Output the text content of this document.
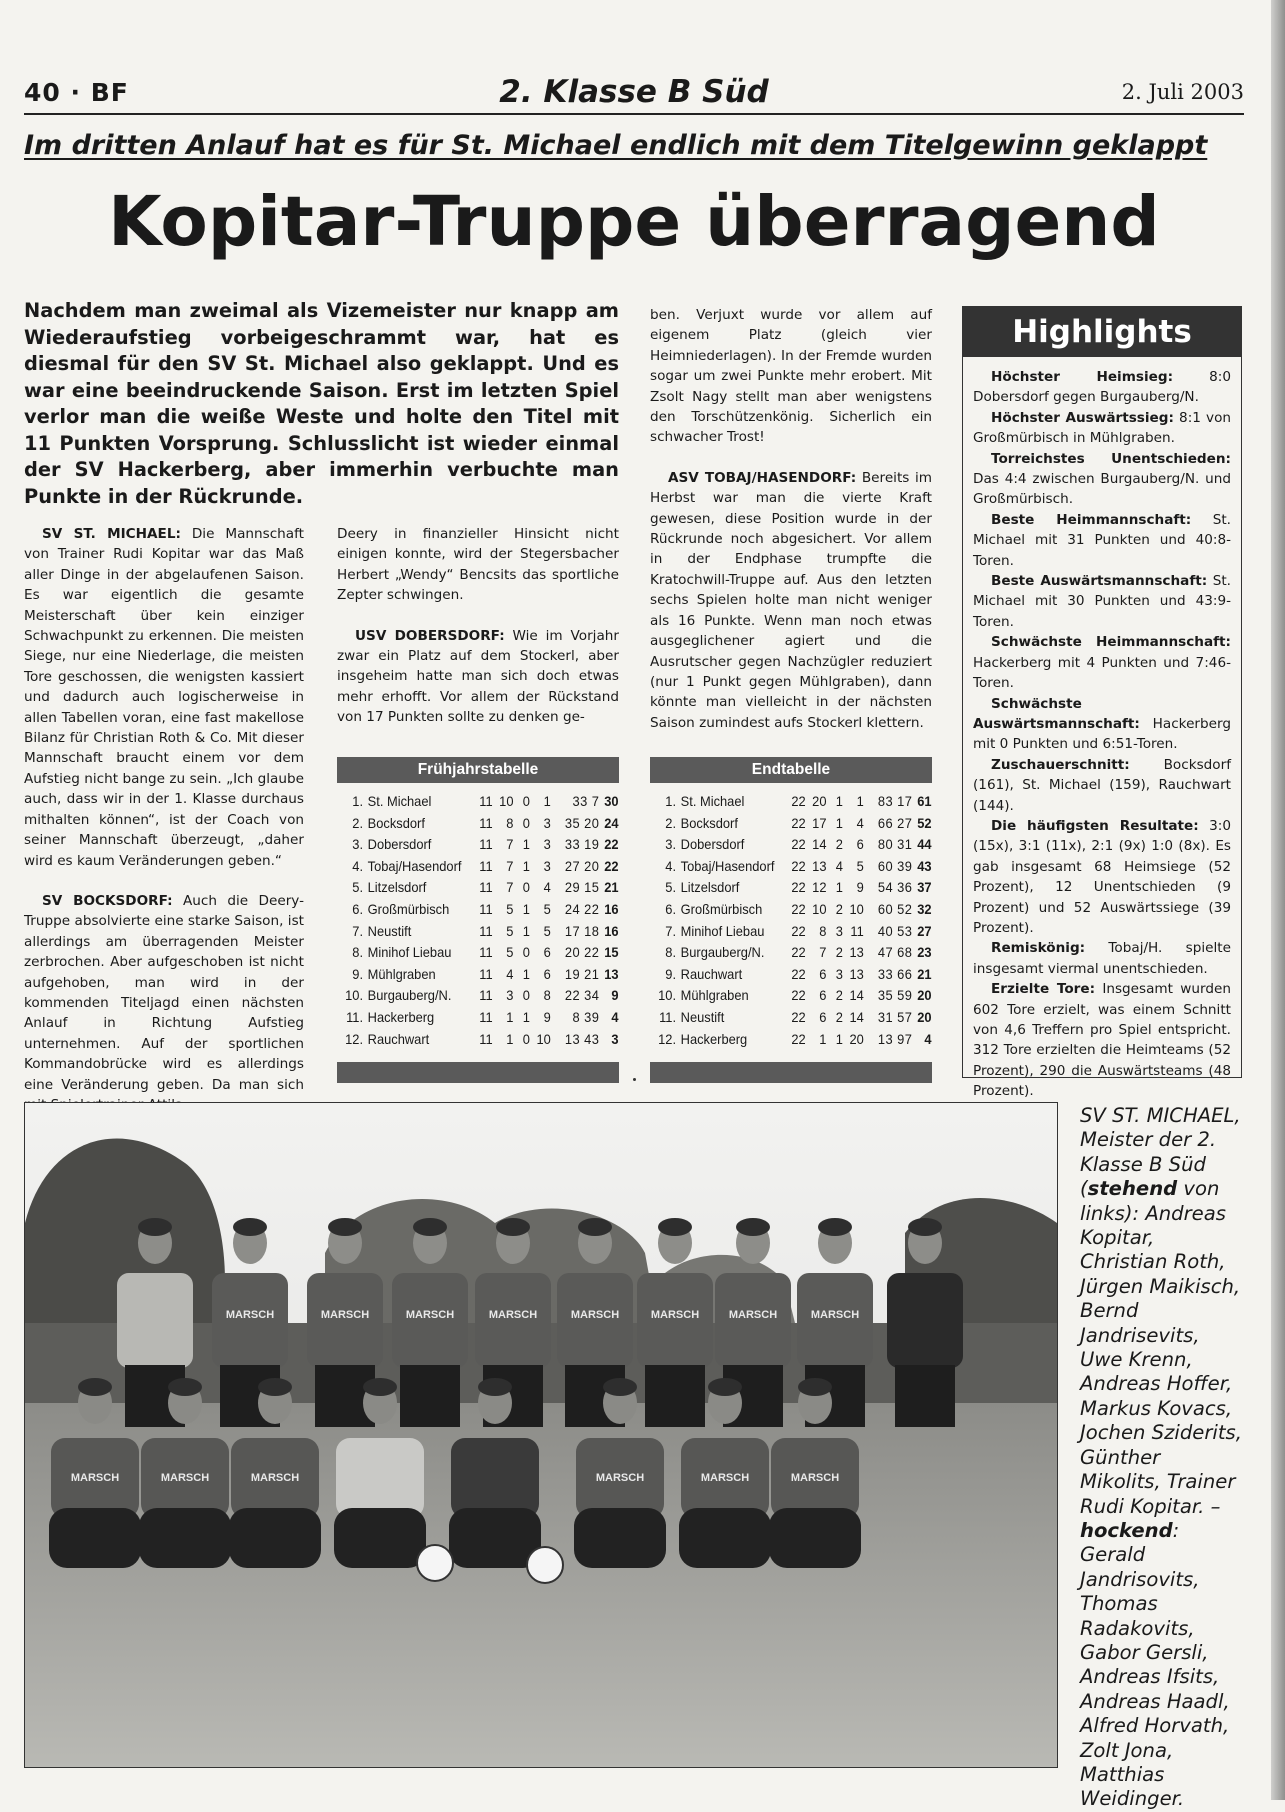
40 · BF	2. Klasse B Süd	2. Juli 2003
Im dritten Anlauf hat es für St. Michael endlich mit dem Titelgewinn geklappt
Kopitar-Truppe überragend
Nachdem man zweimal als Vizemeister nur knapp am Wiederaufstieg vorbeigeschrammt war, hat es diesmal für den SV St. Michael also geklappt. Und es war eine beeindruckende Saison. Erst im letzten Spiel verlor man die weiße Weste und holte den Titel mit 11 Punkten Vorsprung. Schlusslicht ist wieder einmal der SV Hackerberg, aber immerhin verbuchte man Punkte in der Rückrunde.

SV ST. MICHAEL: Die Mannschaft von Trainer Rudi Kopitar war das Maß aller Dinge in der abgelaufenen Saison. Es war eigentlich die gesamte Meisterschaft über kein einziger Schwachpunkt zu erkennen. Die meisten Siege, nur eine Niederlage, die meisten Tore geschossen, die wenigsten kassiert und dadurch auch logischerweise in allen Tabellen voran, eine fast makellose Bilanz für Christian Roth & Co. Mit dieser Mannschaft braucht einem vor dem Aufstieg nicht bange zu sein. „Ich glaube auch, dass wir in der 1. Klasse durchaus mithalten können“, ist der Coach von seiner Mannschaft überzeugt, „daher wird es kaum Veränderungen geben.“

SV BOCKSDORF: Auch die Deery-Truppe absolvierte eine starke Saison, ist allerdings am überragenden Meister zerbrochen. Aber aufgeschoben ist nicht aufgehoben, man wird in der kommenden Titeljagd einen nächsten Anlauf in Richtung Aufstieg unternehmen. Auf der sportlichen Kommandobrücke wird es allerdings eine Veränderung geben. Da man sich

Deery in finanzieller Hinsicht nicht einigen konnte, wird der Stegersbacher Herbert „Wendy“ Bencsits das sportliche Zepter schwingen.

USV DOBERSDORF: Wie im Vorjahr zwar ein Platz auf dem Stockerl, aber insgeheim hatte man sich doch etwas mehr erhofft. Vor allem der Rückstand von 17 Punkten sollte zu denken ge-

ben. Verjuxt wurde vor allem auf eigenem Platz (gleich vier Heimniederlagen). In der Fremde wurden sogar um zwei Punkte mehr erobert. Mit Zsolt Nagy stellt man aber wenigstens den Torschützenkönig. Sicherlich ein schwacher Trost!

ASV TOBAJ/HASENDORF: Bereits im Herbst war man die vierte Kraft gewesen, diese Position wurde in der Rückrunde noch abgesichert. Vor allem in der Endphase trumpfte die Kratochwill-Truppe auf. Aus den letzten sechs Spielen holte man nicht weniger als 16 Punkte. Wenn man noch etwas ausgeglichener agiert und die Ausrutscher gegen Nachzügler reduziert (nur 1 Punkt gegen Mühlgraben), dann könnte man vielleicht in der nächsten Saison zumindest aufs Stockerl klettern.

Highlights

Höchster Heimsieg: 8:0 Dobersdorf gegen Burgauberg/N.

Höchster Auswärtssieg: 8:1 von Großmürbisch in Mühlgraben.

Torreichstes Unentschieden: Das 4:4 zwischen Burgauberg/N. und Großmürbisch.

Beste Heimmannschaft: St. Michael mit 31 Punkten und 40:8-Toren.

Beste Auswärtsmannschaft: St. Michael mit 30 Punkten und 43:9-Toren.

Schwächste Heimmannschaft: Hackerberg mit 4 Punkten und 7:46-Toren.

Schwächste Auswärtsmannschaft: Hackerberg mit 0 Punkten und 6:51-Toren.

Zuschauerschnitt: Bocksdorf (161), St. Michael (159), Rauchwart (144).

Die häufigsten Resultate: 3:0 (15x), 3:1 (11x), 2:1 (9x) 1:0 (8x). Es gab insgesamt 68 Heimsiege (52 Prozent), 12 Unentschieden (9 Prozent) und 52 Auswärtssiege (39 Prozent).

Remiskönig: Tobaj/H. spielte insgesamt viermal unentschieden.

Erzielte Tore: Insgesamt wurden 602 Tore erzielt, was einem Schnitt von 4,6 Treffern pro Spiel entspricht. 312 Tore erzielten die Heimteams (52 Prozent), 290 die Auswärtsteams (48 Prozent).

Frühjahrstabelle
1. St. Michael	11 10 0 1	33 7 30
2. Bocksdorf	11 8 0 3	35 20 24
3. Dobersdorf	11 7 1 3	33 19 22
4. Tobaj/Hasendorf	11 7 1 3	27 20 22
5. Litzelsdorf	11 7 0 4	29 15 21
6. Großmürbisch	11 5 1 5	24 22 16
7. Neustift	11 5 1 5	17 18 16
8. Minihof Liebau	11 5 0 6	20 22 15
9. Mühlgraben	11 4 1 6	19 21 13
10. Burgauberg/N.	11 3 0 8	22 34 9
11. Hackerberg	11 1 1 9	8 39 4
12. Rauchwart	11 1 0 10	13 43 3
Endtabelle
1. St. Michael	22 20 1 1	83 17 61
2. Bocksdorf	22 17 1 4	66 27 52
3. Dobersdorf	22 14 2 6	80 31 44
4. Tobaj/Hasendorf	22 13 4 5	60 39 43
5. Litzelsdorf	22 12 1 9	54 36 37
6. Großmürbisch	22 10 2 10	60 52 32
7. Minihof Liebau	22 8 3 11	40 53 27
8. Burgauberg/N.	22 7 2 13	47 68 23
9. Rauchwart	22 6 3 13	33 66 21
10. Mühlgraben	22 6 2 14	35 59 20
11. Neustift	22 6 2 14	31 57 20
12. Hackerberg	22 1 1 20	13 97 4
MARSCH	MARSCH	MARSCH	MARSCH	MARSCH	MARSCH	MARSCH	MARSCH
MARSCH	MARSCH	MARSCH	MARSCH	MARSCH	MARSCH
SV ST. MICHAEL, Meister der 2. Klasse B Süd (stehend von links): Andreas Kopitar, Christian Roth, Jürgen Maikisch, Bernd Jandrisevits, Uwe Krenn, Andreas Hoffer, Markus Kovacs, Jochen Sziderits, Günther Mikolits, Trainer Rudi Kopitar. – hockend: Gerald Jandrisovits, Thomas Radakovits, Gabor Gersli, Andreas Ifsits, Andreas Haadl, Alfred Horvath, Zolt Jona, Matthias Weidinger.
